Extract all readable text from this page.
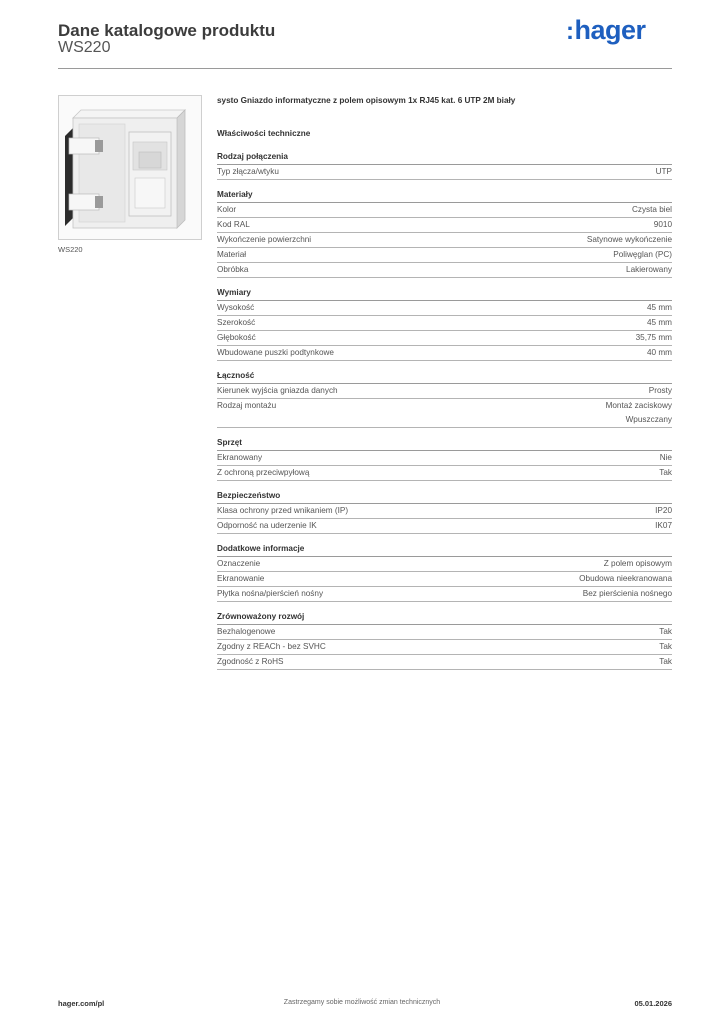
Dane katalogowe produktu
WS220
:hager
WS220
systo Gniazdo informatyczne z polem opisowym 1x RJ45 kat. 6 UTP 2M biały
Właściwości techniczne
Rodzaj połączenia
Typ złącza/wtyku	UTP
Materiały
Kolor	Czysta biel
Kod RAL	9010
Wykończenie powierzchni	Satynowe wykończenie
Materiał	Poliwęglan (PC)
Obróbka	Lakierowany
Wymiary
Wysokość	45 mm
Szerokość	45 mm
Głębokość	35,75 mm
Wbudowane puszki podtynkowe	40 mm
Łączność
Kierunek wyjścia gniazda danych	Prosty
Rodzaj montażu	Montaż zaciskowy
Wpuszczany
Sprzęt
Ekranowany	Nie
Z ochroną przeciwpyłową	Tak
Bezpieczeństwo
Klasa ochrony przed wnikaniem (IP)	IP20
Odporność na uderzenie IK	IK07
Dodatkowe informacje
Oznaczenie	Z polem opisowym
Ekranowanie	Obudowa nieekranowana
Płytka nośna/pierścień nośny	Bez pierścienia nośnego
Zrównoważony rozwój
Bezhalogenowe	Tak
Zgodny z REACh - bez SVHC	Tak
Zgodność z RoHS	Tak
hager.com/pl	Zastrzegamy sobie możliwość zmian technicznych	05.01.2026
